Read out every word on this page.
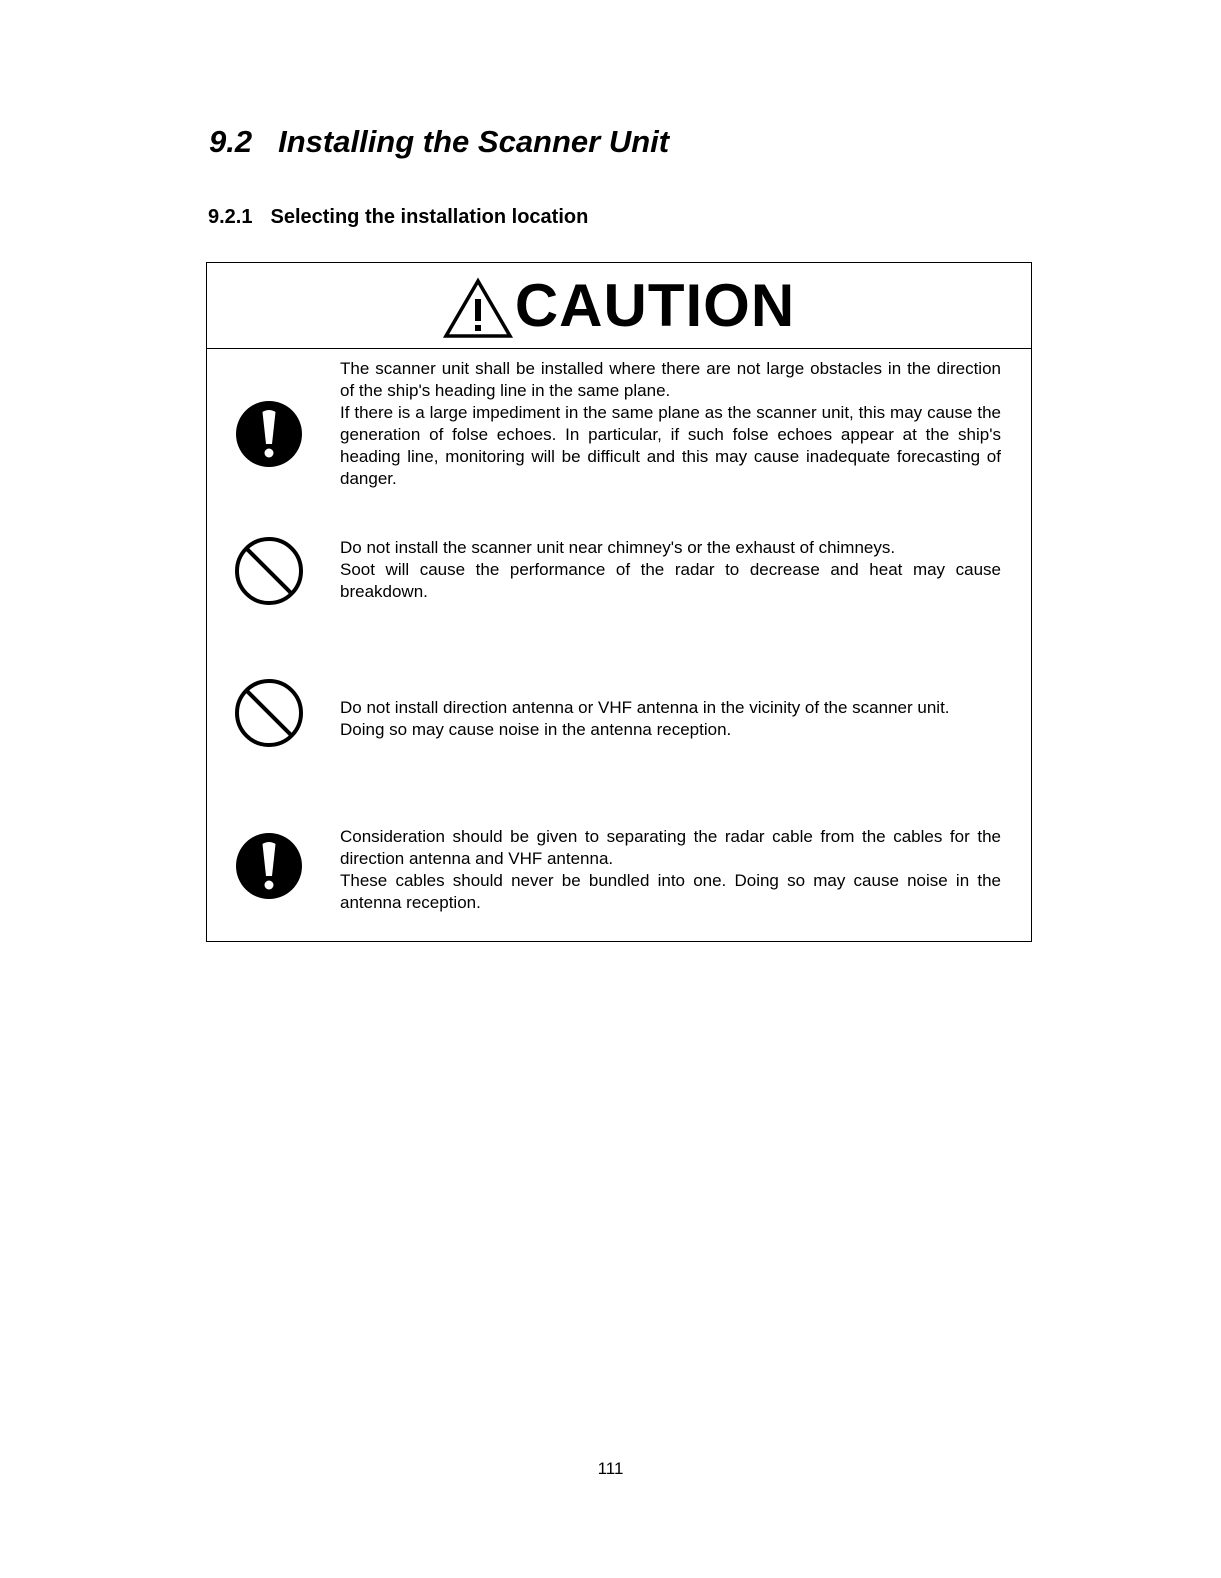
9.2 Installing the Scanner Unit
9.2.1 Selecting the installation location
CAUTION

The scanner unit shall be installed where there are not large obstacles in the direction of the ship's heading line in the same plane.

If there is a large impediment in the same plane as the scanner unit, this may cause the generation of folse echoes. In particular, if such folse echoes appear at the ship's heading line, monitoring will be difficult and this may cause inadequate forecasting of danger.

Do not install the scanner unit near chimney's or the exhaust of chimneys.

Soot will cause the performance of the radar to decrease and heat may cause breakdown.

Do not install direction antenna or VHF antenna in the vicinity of the scanner unit.

Doing so may cause noise in the antenna reception.

Consideration should be given to separating the radar cable from the cables for the direction antenna and VHF antenna.

These cables should never be bundled into one. Doing so may cause noise in the antenna reception.

111
